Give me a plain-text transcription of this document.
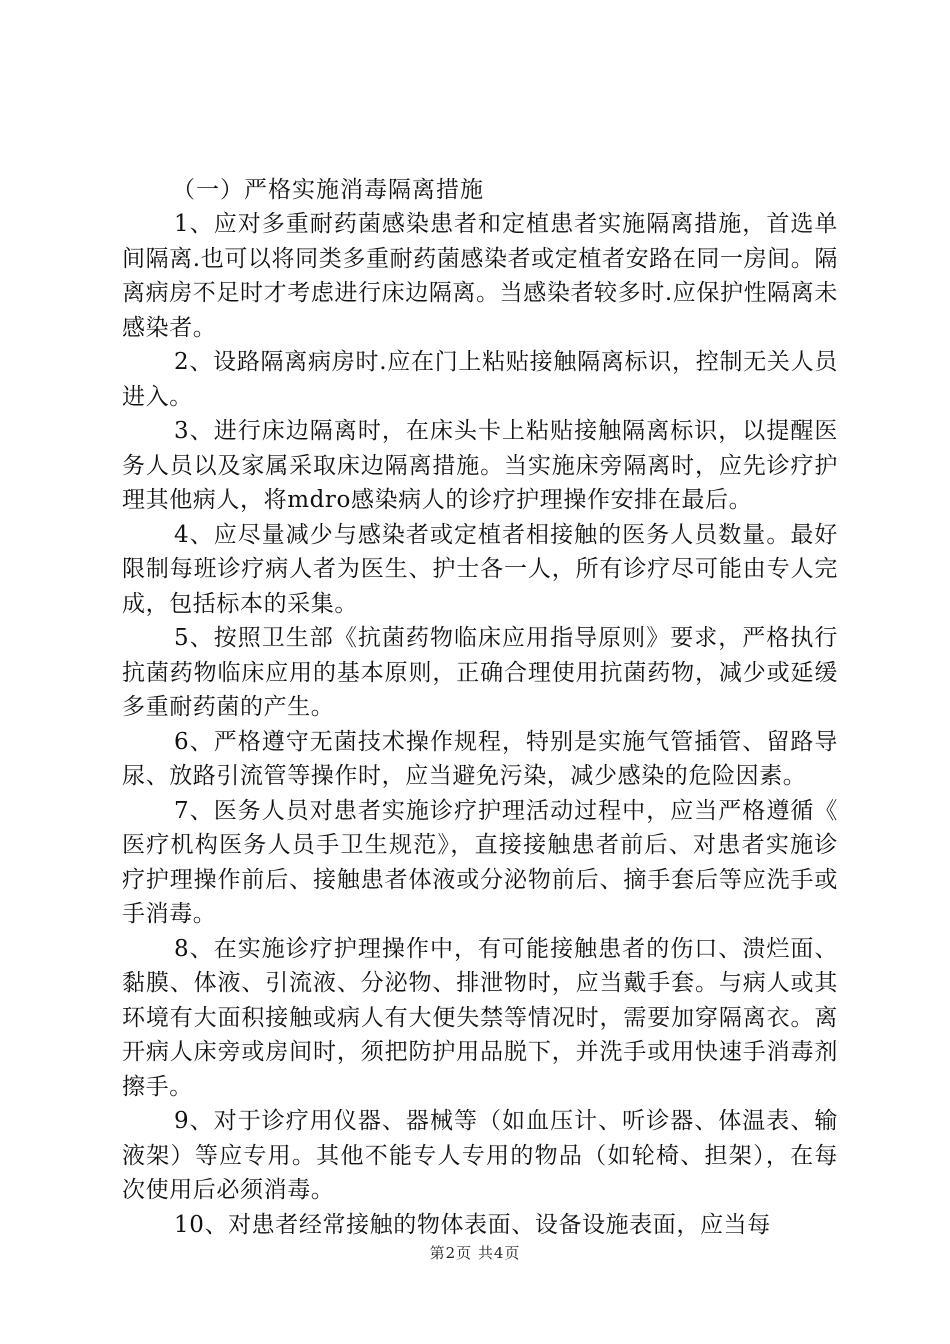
（一）严格实施消毒隔离措施

1、应对多重耐药菌感染患者和定植患者实施隔离措施，首选单间隔离.也可以将同类多重耐药菌感染者或定植者安路在同一房间。隔离病房不足时才考虑进行床边隔离。当感染者较多时.应保护性隔离未感染者。

2、设路隔离病房时.应在门上粘贴接触隔离标识，控制无关人员进入。

3、进行床边隔离时，在床头卡上粘贴接触隔离标识，以提醒医务人员以及家属采取床边隔离措施。当实施床旁隔离时，应先诊疗护理其他病人，将mdro感染病人的诊疗护理操作安排在最后。

4、应尽量减少与感染者或定植者相接触的医务人员数量。最好限制每班诊疗病人者为医生、护士各一人，所有诊疗尽可能由专人完成，包括标本的采集。

5、按照卫生部《抗菌药物临床应用指导原则》要求，严格执行抗菌药物临床应用的基本原则，正确合理使用抗菌药物，减少或延缓多重耐药菌的产生。

6、严格遵守无菌技术操作规程，特别是实施气管插管、留路导尿、放路引流管等操作时，应当避免污染，减少感染的危险因素。

7、医务人员对患者实施诊疗护理活动过程中，应当严格遵循《医疗机构医务人员手卫生规范》，直接接触患者前后、对患者实施诊疗护理操作前后、接触患者体液或分泌物前后、摘手套后等应洗手或手消毒。

8、在实施诊疗护理操作中，有可能接触患者的伤口、溃烂面、黏膜、体液、引流液、分泌物、排泄物时，应当戴手套。与病人或其环境有大面积接触或病人有大便失禁等情况时，需要加穿隔离衣。离开病人床旁或房间时，须把防护用品脱下，并洗手或用快速手消毒剂擦手。

9、对于诊疗用仪器、器械等（如血压计、听诊器、体温表、输液架）等应专用。其他不能专人专用的物品（如轮椅、担架），在每次使用后必须消毒。

10、对患者经常接触的物体表面、设备设施表面，应当每

第2页 共4页
